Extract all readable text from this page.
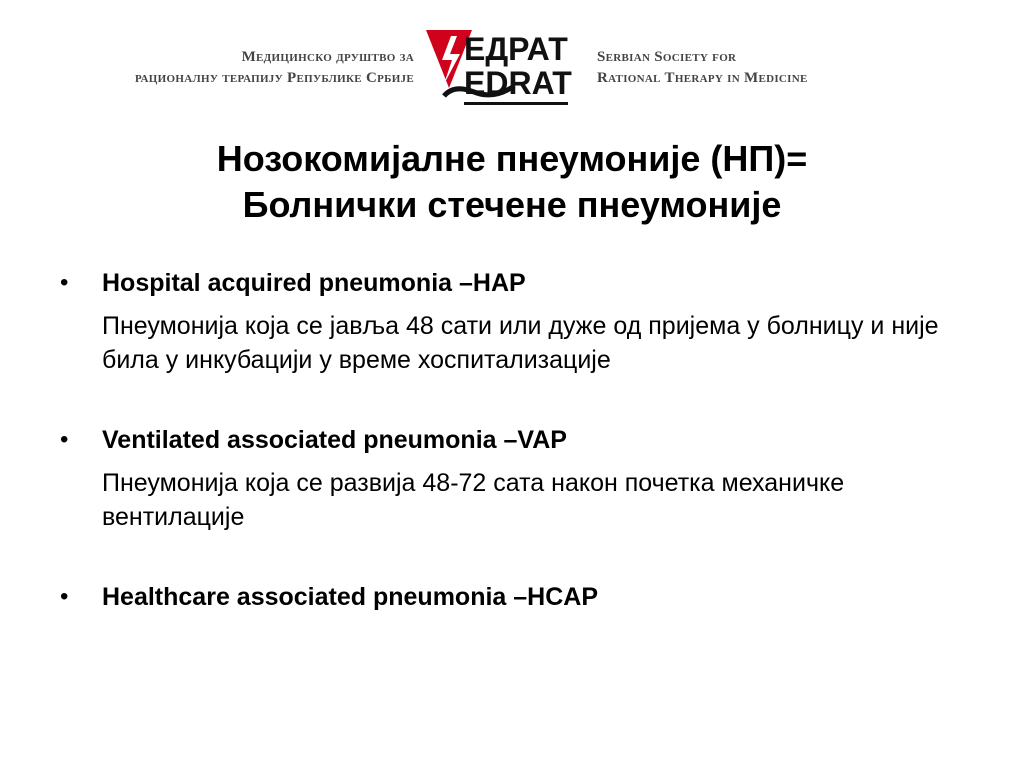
Медицинско друштво за
рационалну терапију Републике Србије
ЕДРАТ
EDRAT
Serbian Society for
Rational Therapy in Medicine
Нозокомијалне пнеумоније (НП)=
Болнички стечене пнеумоније
• Hospital acquired pneumonia –HAP
Пнеумонија која се јавља 48 сати или дуже од пријема у болницу и није била у инкубацији у време хоспитализације
• Ventilated associated pneumonia –VAP
Пнеумонија која се развија 48-72 сата након почетка механичке вентилације
• Healthcare associated pneumonia –HCAP
